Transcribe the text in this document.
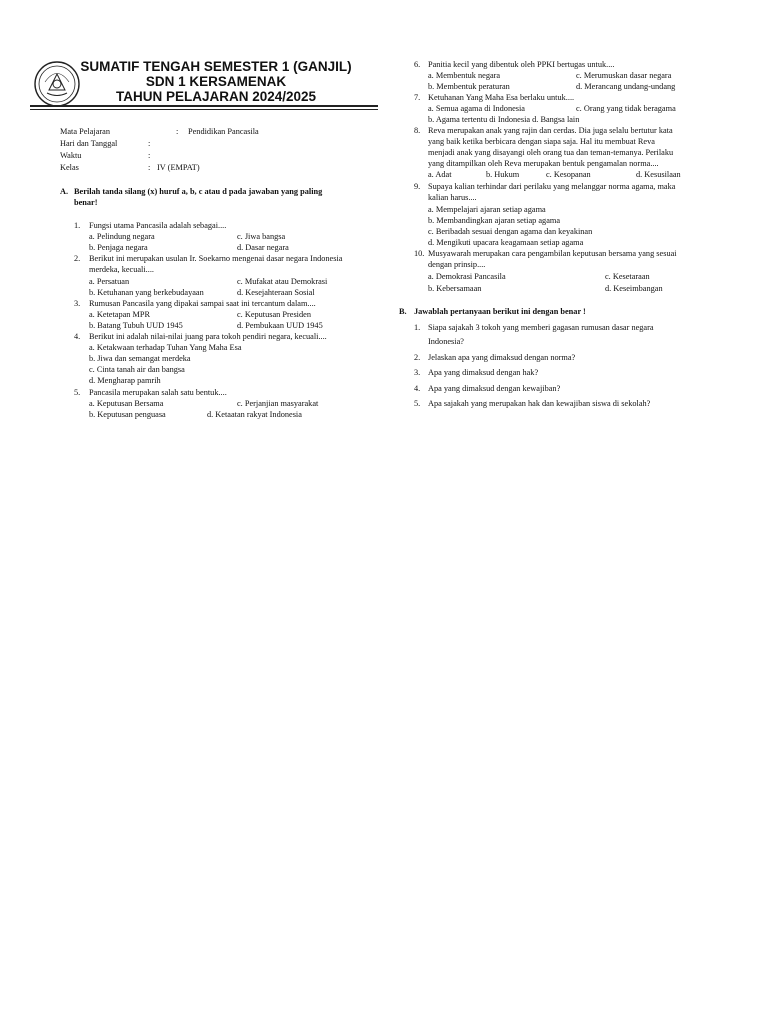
SUMATIF TENGAH SEMESTER 1 (GANJIL)
SDN 1 KERSAMENAK
TAHUN PELAJARAN 2024/2025
Mata Pelajaran	: Pendidikan Pancasila
Hari dan Tanggal	:
Waktu	:
Kelas	: IV (EMPAT)
A. Berilah tanda silang (x) huruf a, b, c atau d pada jawaban yang paling
benar!
1. Fungsi utama Pancasila adalah sebagai....
a. Pelindung negara	c. Jiwa bangsa
b. Penjaga negara	d. Dasar negara
2. Berikut ini merupakan usulan Ir. Soekarno mengenai dasar negara Indonesia
merdeka, kecuali....
a. Persatuan	c. Mufakat atau Demokrasi
b. Ketuhanan yang berkebudayaan	d. Kesejahteraan Sosial
3. Rumusan Pancasila yang dipakai sampai saat ini tercantum dalam....
a. Ketetapan MPR	c. Keputusan Presiden
b. Batang Tubuh UUD 1945	d. Pembukaan UUD 1945
4. Berikut ini adalah nilai-nilai juang para tokoh pendiri negara, kecuali....
a. Ketakwaan terhadap Tuhan Yang Maha Esa
b. Jiwa dan semangat merdeka
c. Cinta tanah air dan bangsa
d. Mengharap pamrih
5. Pancasila merupakan salah satu bentuk....
a. Keputusan Bersama	c. Perjanjian masyarakat
b. Keputusan penguasa	d. Ketaatan rakyat Indonesia
6. Panitia kecil yang dibentuk oleh PPKI bertugas untuk....
a. Membentuk negara	c. Merumuskan dasar negara
b. Membentuk peraturan	d. Merancang undang-undang
7. Ketuhanan Yang Maha Esa berlaku untuk....
a. Semua agama di Indonesia	c. Orang yang tidak beragama
b. Agama tertentu di Indonesia d. Bangsa lain
8. Reva merupakan anak yang rajin dan cerdas. Dia juga selalu bertutur kata
yang baik ketika berbicara dengan siapa saja. Hal itu membuat Reva
menjadi anak yang disayangi oleh orang tua dan teman-temanya. Perilaku
yang ditampilkan oleh Reva merupakan bentuk pengamalan norma....
a. Adat	b. Hukum	c. Kesopanan	d. Kesusilaan
9. Supaya kalian terhindar dari perilaku yang melanggar norma agama, maka
kalian harus....
a. Mempelajari ajaran setiap agama
b. Membandingkan ajaran setiap agama
c. Beribadah sesuai dengan agama dan keyakinan
d. Mengikuti upacara keagamaan setiap agama
10. Musyawarah merupakan cara pengambilan keputusan bersama yang sesuai
dengan prinsip....
a. Demokrasi Pancasila	c. Kesetaraan
b. Kebersamaan	d. Keseimbangan
B. Jawablah pertanyaan berikut ini dengan benar !
1. Siapa sajakah 3 tokoh yang memberi gagasan rumusan dasar negara
Indonesia?
2. Jelaskan apa yang dimaksud dengan norma?
3. Apa yang dimaksud dengan hak?
4. Apa yang dimaksud dengan kewajiban?
5. Apa sajakah yang merupakan hak dan kewajiban siswa di sekolah?
